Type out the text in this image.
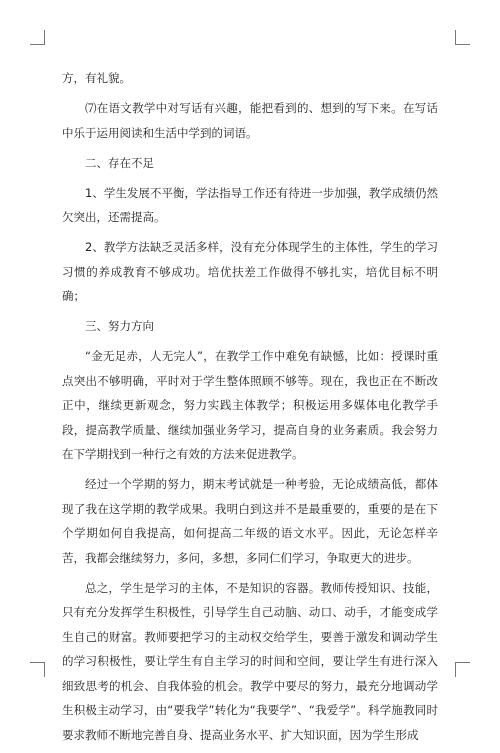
方，有礼貌。

⑺在语文教学中对写话有兴趣，能把看到的、想到的写下来。在写话中乐于运用阅读和生活中学到的词语。

二、存在不足

1、学生发展不平衡，学法指导工作还有待进一步加强，教学成绩仍然欠突出，还需提高。

2、教学方法缺乏灵活多样，没有充分体现学生的主体性，学生的学习习惯的养成教育不够成功。培优扶差工作做得不够扎实，培优目标不明确；

三、努力方向

“金无足赤，人无完人”，在教学工作中难免有缺憾，比如：授课时重点突出不够明确，平时对于学生整体照顾不够等。现在，我也正在不断改正中，继续更新观念，努力实践主体教学；积极运用多媒体电化教学手段，提高教学质量、继续加强业务学习，提高自身的业务素质。我会努力在下学期找到一种行之有效的方法来促进教学。

经过一个学期的努力，期末考试就是一种考验，无论成绩高低，都体现了我在这学期的教学成果。我明白到这并不是最重要的，重要的是在下个学期如何自我提高，如何提高二年级的语文水平。因此，无论怎样辛苦，我都会继续努力，多问，多想，多同仁们学习，争取更大的进步。

总之，学生是学习的主体，不是知识的容器。教师传授知识、技能，只有充分发挥学生积极性，引导学生自己动脑、动口、动手，才能变成学生自己的财富。教师要把学习的主动权交给学生，要善于激发和调动学生的学习积极性，要让学生有自主学习的时间和空间，要让学生有进行深入细致思考的机会、自我体验的机会。教学中要尽的努力，最充分地调动学生积极主动学习，由“要我学”转化为“我要学”、“我爱学”。科学施教同时要求教师不断地完善自身、提高业务水平、扩大知识面，因为学生形成
